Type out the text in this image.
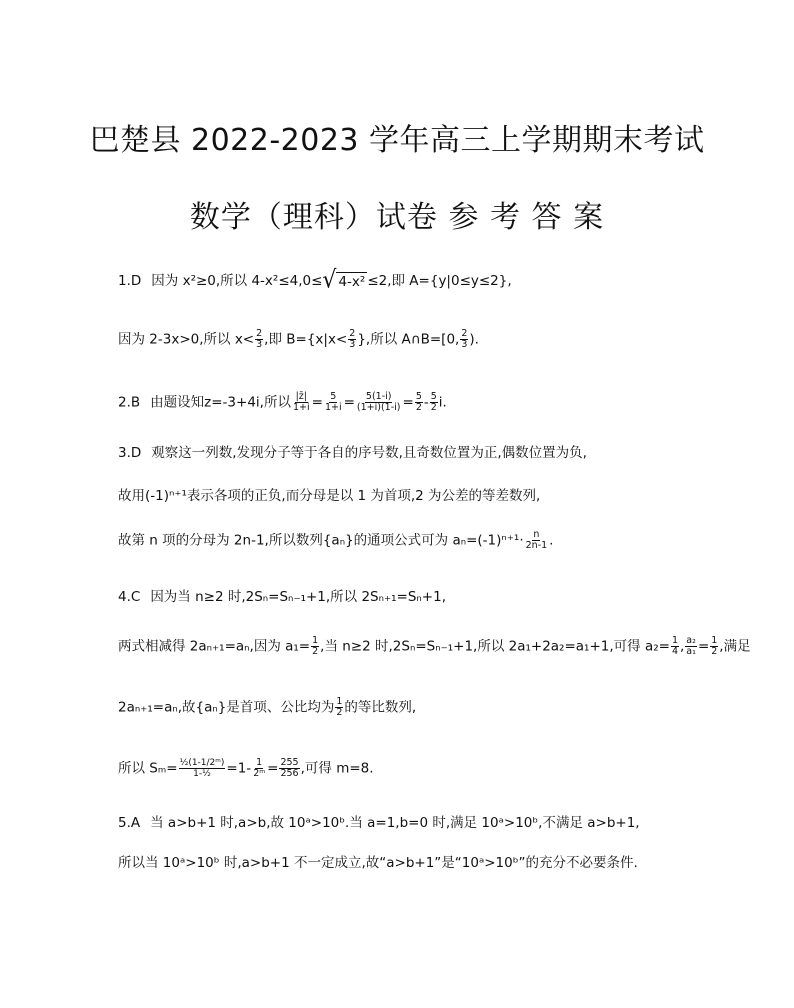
巴楚县 2022-2023 学年高三上学期期末考试
数学（理科）试卷 参 考 答 案
1.D 因为 x²≥0,所以 4-x²≤4,0≤√ 4-x² ≤2,即 A={y|0≤y≤2},
因为 2-3x>0,所以 $x< \frac{2}{3}$ ,即 $B=\{x|x< \frac{2}{3}$ },所以 A∩B=[0, $\frac{2}{3}$ ).
2.B 由题设知z=-3+4i,所以 $\frac{|z̄|}{1+i} = \frac{5}{1+i} = \frac{5(1-i)}{(1+i)(1-i)} = \frac{5}{2} - \frac{5}{2} i$.
3.D 观察这一列数,发现分子等于各自的序号数,且奇数位置为正,偶数位置为负,
故用(-1)ⁿ⁺¹表示各项的正负,而分母是以 1 为首项,2 为公差的等差数列,
故第 n 项的分母为 2n-1,所以数列{aₙ}的通项公式可为 $a_n=(-1)^{n+1}\cdot \frac{n}{2n-1}$ .
4.C 因为当 n≥2 时,2Sₙ=Sₙ₋₁+1,所以 2Sₙ₊₁=Sₙ+1,
两式相减得 2aₙ₊₁=aₙ,因为 $a_1= \frac{1}{2}$ ,当 n≥2 时,2Sₙ=Sₙ₋₁+1,所以 2a₁+2a₂=a₁+1,可得 $a_2= \frac{1}{4}$ , $\frac{\text{a₂}}{\text{a₁}} = \frac{1}{2}$ ,满足
2aₙ₊₁=aₙ,故{aₙ}是首项、公比均为 $\frac{1}{2}$ 的等比数列,
所以 $S_m= \frac{\text{½(1-1/2ᵐ)}}{\text{1-½}} =1- \frac{1}{\text{2ᵐ}} = \frac{255}{256}$ ,可得 m=8.
5.A 当 a>b+1 时,a>b,故 10ᵃ>10ᵇ.当 a=1,b=0 时,满足 10ᵃ>10ᵇ,不满足 a>b+1,
所以当 10ᵃ>10ᵇ 时,a>b+1 不一定成立,故“a>b+1”是“10ᵃ>10ᵇ”的充分不必要条件.
